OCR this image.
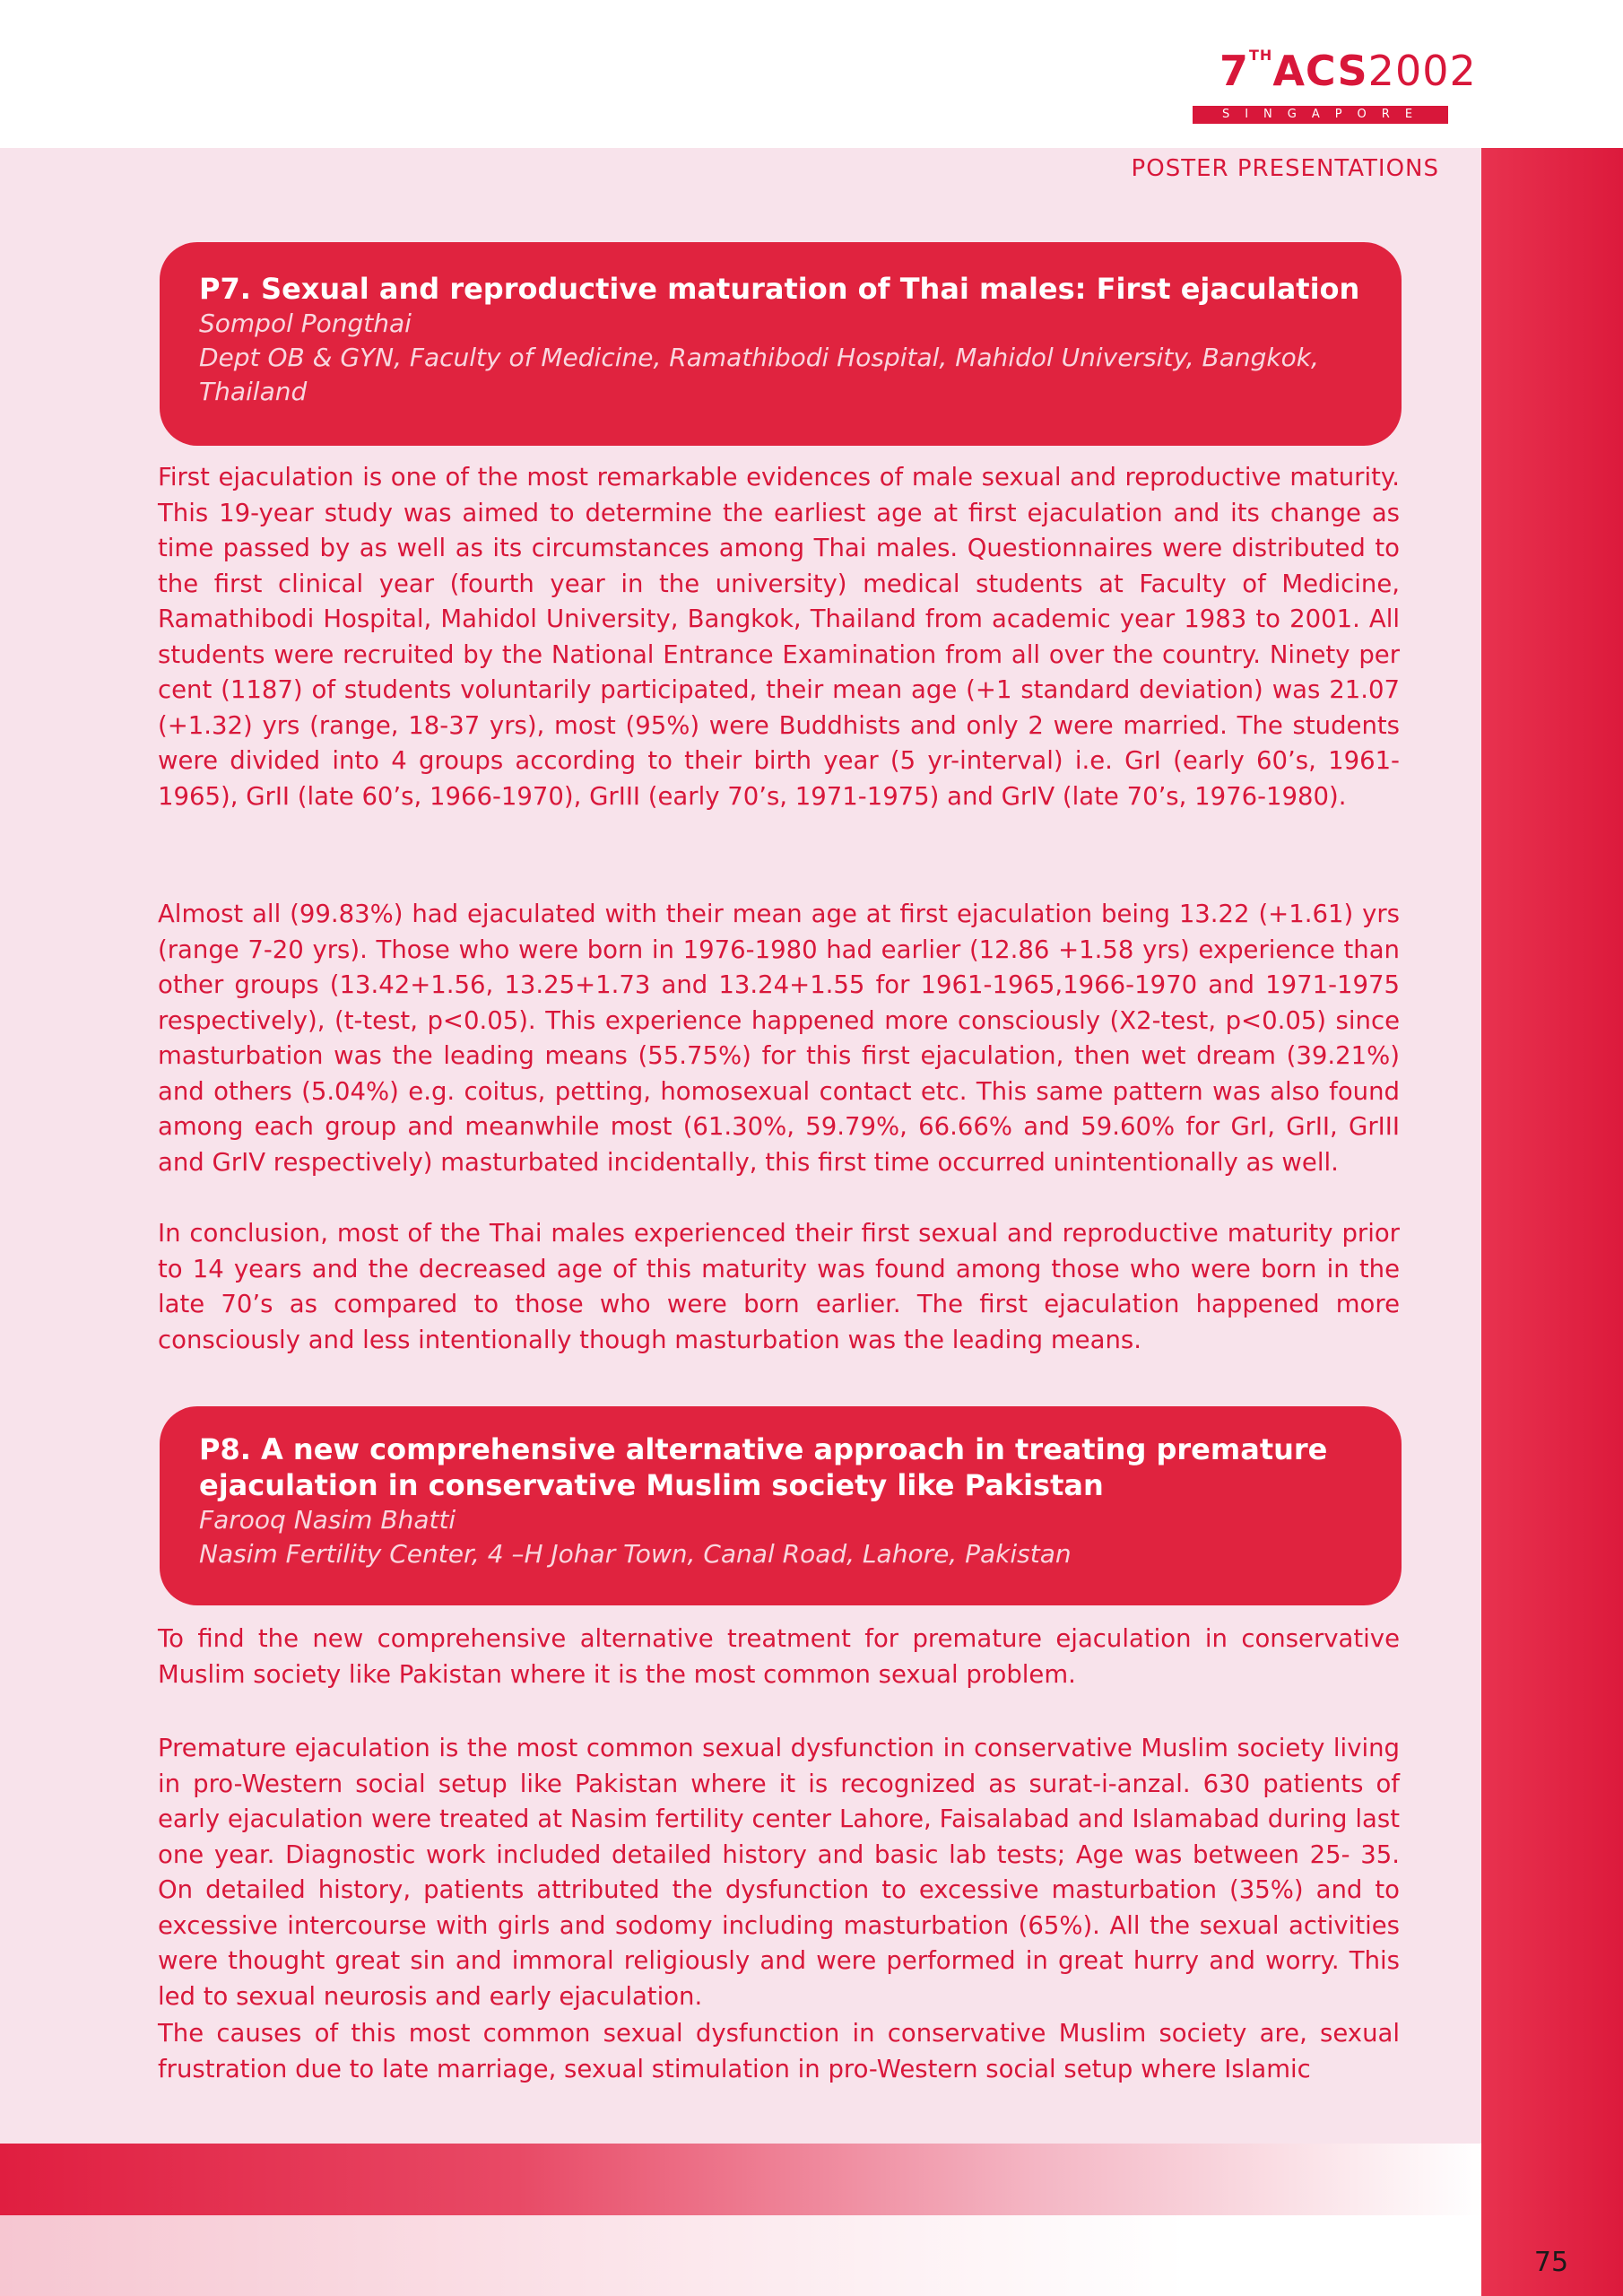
7THACS2002
SINGAPORE
POSTER PRESENTATIONS
P7. Sexual and reproductive maturation of Thai males: First ejaculation
Sompol Pongthai
Dept OB & GYN, Faculty of Medicine, Ramathibodi Hospital, Mahidol University, Bangkok, Thailand

First ejaculation is one of the most remarkable evidences of male sexual and reproductive maturity. This 19-year study was aimed to determine the earliest age at first ejaculation and its change as time passed by as well as its circumstances among Thai males. Questionnaires were distributed to the first clinical year (fourth year in the university) medical students at Faculty of Medicine, Ramathibodi Hospital, Mahidol University, Bangkok, Thailand from academic year 1983 to 2001. All students were recruited by the National Entrance Examination from all over the country. Ninety per cent (1187) of students voluntarily participated, their mean age (+1 standard deviation) was 21.07 (+1.32) yrs (range, 18-37 yrs), most (95%) were Buddhists and only 2 were married. The students were divided into 4 groups according to their birth year (5 yr-interval) i.e. GrI (early 60’s, 1961-1965), GrII (late 60’s, 1966-1970), GrIII (early 70’s, 1971-1975) and GrIV (late 70’s, 1976-1980).

Almost all (99.83%) had ejaculated with their mean age at first ejaculation being 13.22 (+1.61) yrs (range 7-20 yrs). Those who were born in 1976-1980 had earlier (12.86 +1.58 yrs) experience than other groups (13.42+1.56, 13.25+1.73 and 13.24+1.55 for 1961-1965,1966-1970 and 1971-1975 respectively), (t-test, p<0.05). This experience happened more consciously (X2-test, p<0.05) since masturbation was the leading means (55.75%) for this first ejaculation, then wet dream (39.21%) and others (5.04%) e.g. coitus, petting, homosexual contact etc. This same pattern was also found among each group and meanwhile most (61.30%, 59.79%, 66.66% and 59.60% for GrI, GrII, GrIII and GrIV respectively) masturbated incidentally, this first time occurred unintentionally as well.

In conclusion, most of the Thai males experienced their first sexual and reproductive maturity prior to 14 years and the decreased age of this maturity was found among those who were born in the late 70’s as compared to those who were born earlier. The first ejaculation happened more consciously and less intentionally though masturbation was the leading means.

P8. A new comprehensive alternative approach in treating premature ejaculation in conservative Muslim society like Pakistan
Farooq Nasim Bhatti
Nasim Fertility Center, 4 –H Johar Town, Canal Road, Lahore, Pakistan

To find the new comprehensive alternative treatment for premature ejaculation in conservative Muslim society like Pakistan where it is the most common sexual problem.

Premature ejaculation is the most common sexual dysfunction in conservative Muslim society living in pro-Western social setup like Pakistan where it is recognized as surat-i-anzal. 630 patients of early ejaculation were treated at Nasim fertility center Lahore, Faisalabad and Islamabad during last one year. Diagnostic work included detailed history and basic lab tests; Age was between 25- 35. On detailed history, patients attributed the dysfunction to excessive masturbation (35%) and to excessive intercourse with girls and sodomy including masturbation (65%). All the sexual activities were thought great sin and immoral religiously and were performed in great hurry and worry. This led to sexual neurosis and early ejaculation.

The causes of this most common sexual dysfunction in conservative Muslim society are, sexual frustration due to late marriage, sexual stimulation in pro-Western social setup where Islamic

75
